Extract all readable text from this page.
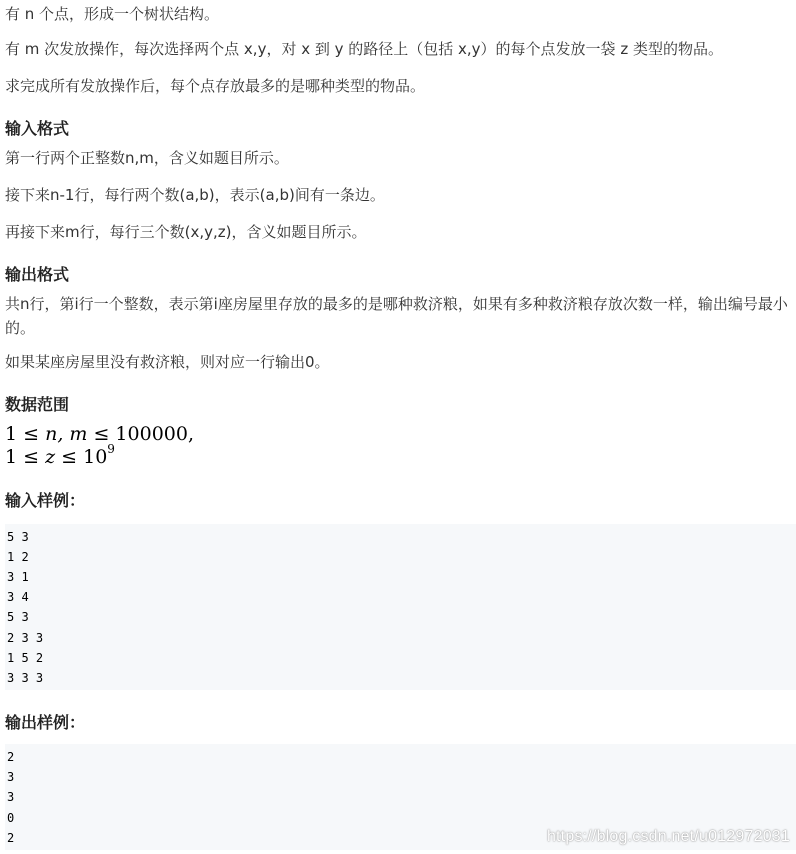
有 n 个点，形成一个树状结构。

有 m 次发放操作，每次选择两个点 x,y，对 x 到 y 的路径上（包括 x,y）的每个点发放一袋 z 类型的物品。

求完成所有发放操作后，每个点存放最多的是哪种类型的物品。

输入格式

第一行两个正整数n,m，含义如题目所示。

接下来n-1行，每行两个数(a,b)，表示(a,b)间有一条边。

再接下来m行，每行三个数(x,y,z)，含义如题目所示。

输出格式

共n行，第i行一个整数，表示第i座房屋里存放的最多的是哪种救济粮，如果有多种救济粮存放次数一样，输出编号最小的。

如果某座房屋里没有救济粮，则对应一行输出0。

数据范围
1 ≤ n, m ≤ 100000,
$1 \le z \le 10^9$
输入样例：
5 3
1 2
3 1
3 4
5 3
2 3 3
1 5 2
3 3 3
输出样例：
2
3
3
0
2	https://blog.csdn.net/u012972031
